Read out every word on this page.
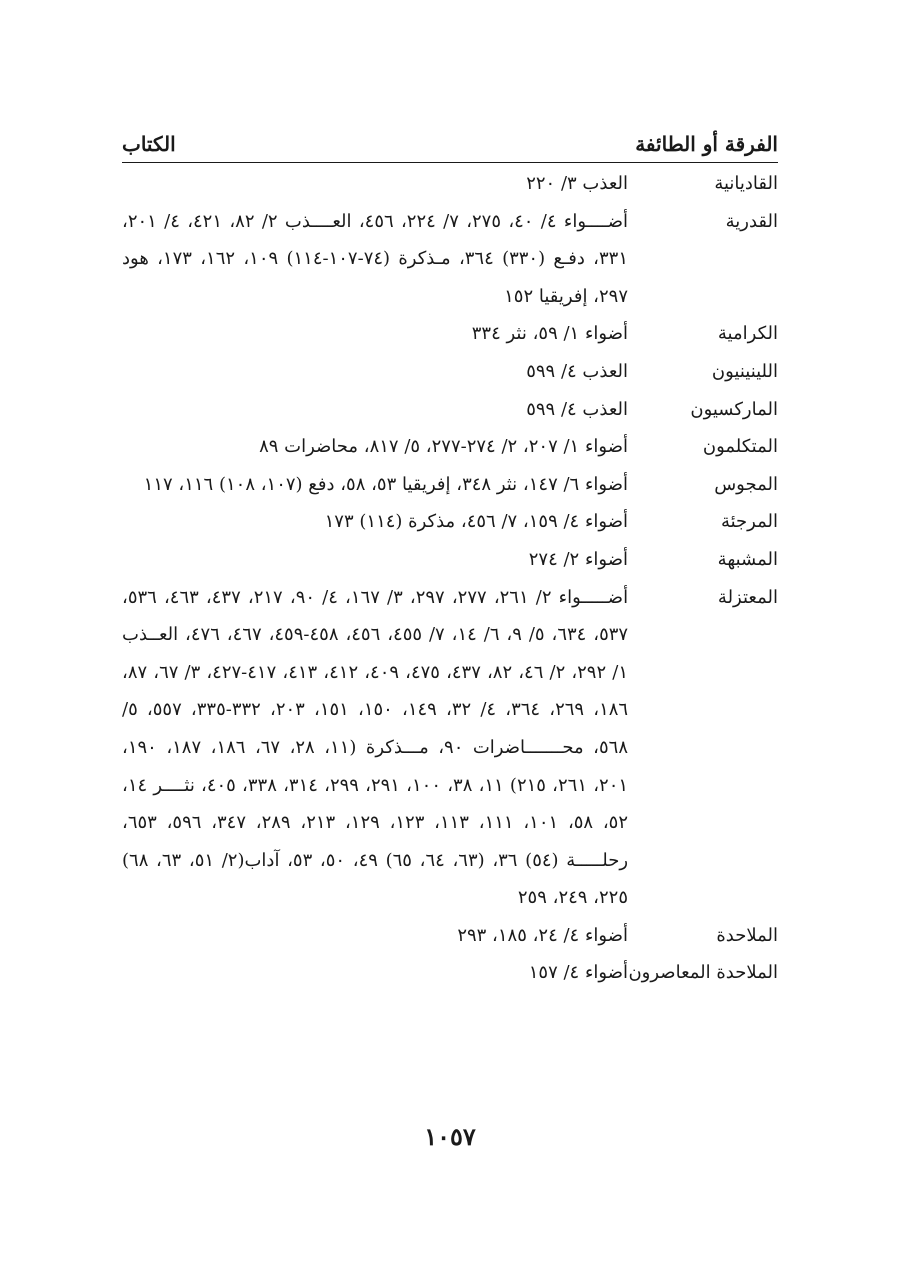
الفرقة أو الطائفة
الكتاب
القاديانية
العذب ٣/ ٢٢٠
القدرية
أضــــواء ٤/ ٤٠، ٢٧٥، ٧/ ٢٢٤، ٤٥٦، العــــذب ٢/ ٨٢، ٤٢١، ٤/ ٢٠١، ٣٣١، دفـع (٣٣٠) ٣٦٤، مـذكرة (٧٤-١٠٧-١١٤) ١٠٩، ١٦٢، ١٧٣، هود ٢٩٧، إفريقيا ١٥٢
الكرامية
أضواء ١/ ٥٩، نثر ٣٣٤
اللينينيون
العذب ٤/ ٥٩٩
الماركسيون
العذب ٤/ ٥٩٩
المتكلمون
أضواء ١/ ٢٠٧، ٢/ ٢٧٤-٢٧٧، ٥/ ٨١٧، محاضرات ٨٩
المجوس
أضواء ٦/ ١٤٧، نثر ٣٤٨، إفريقيا ٥٣، ٥٨، دفع (١٠٧، ١٠٨) ١١٦، ١١٧
المرجئة
أضواء ٤/ ١٥٩، ٧/ ٤٥٦، مذكرة (١١٤) ١٧٣
المشبهة
أضواء ٢/ ٢٧٤
المعتزلة
أضـــــواء ٢/ ٢٦١، ٢٧٧، ٢٩٧، ٣/ ١٦٧، ٤/ ٩٠، ٢١٧، ٤٣٧، ٤٦٣، ٥٣٦، ٥٣٧، ٦٣٤، ٥/ ٩، ٦/ ١٤، ٧/ ٤٥٥، ٤٥٦، ٤٥٨-٤٥٩، ٤٦٧، ٤٧٦، العــذب ١/ ٢٩٢، ٢/ ٤٦، ٨٢، ٤٣٧، ٤٧٥، ٤٠٩، ٤١٢، ٤١٣، ٤١٧-٤٢٧، ٣/ ٦٧، ٨٧، ١٨٦، ٢٦٩، ٣٦٤، ٤/ ٣٢، ١٤٩، ١٥٠، ١٥١، ٢٠٣، ٣٣٢-٣٣٥، ٥٥٧، ٥/ ٥٦٨، محـــــــاضرات ٩٠، مـــذكرة (١١، ٢٨، ٦٧، ١٨٦، ١٨٧، ١٩٠، ٢٠١، ٢٦١، ٢١٥) ١١، ٣٨، ١٠٠، ٢٩١، ٢٩٩، ٣١٤، ٣٣٨، ٤٠٥، نثــــر ١٤، ٥٢، ٥٨، ١٠١، ١١١، ١١٣، ١٢٣، ١٢٩، ٢١٣، ٢٨٩، ٣٤٧، ٥٩٦، ٦٥٣، رحلـــــة (٥٤) ٣٦، (٦٣، ٦٤، ٦٥) ٤٩، ٥٠، ٥٣، آداب(٢/ ٥١، ٦٣، ٦٨) ٢٢٥، ٢٤٩، ٢٥٩
الملاحدة
أضواء ٤/ ٢٤، ١٨٥، ٢٩٣
الملاحدة المعاصرون
أضواء ٤/ ١٥٧
١٠٥٧
